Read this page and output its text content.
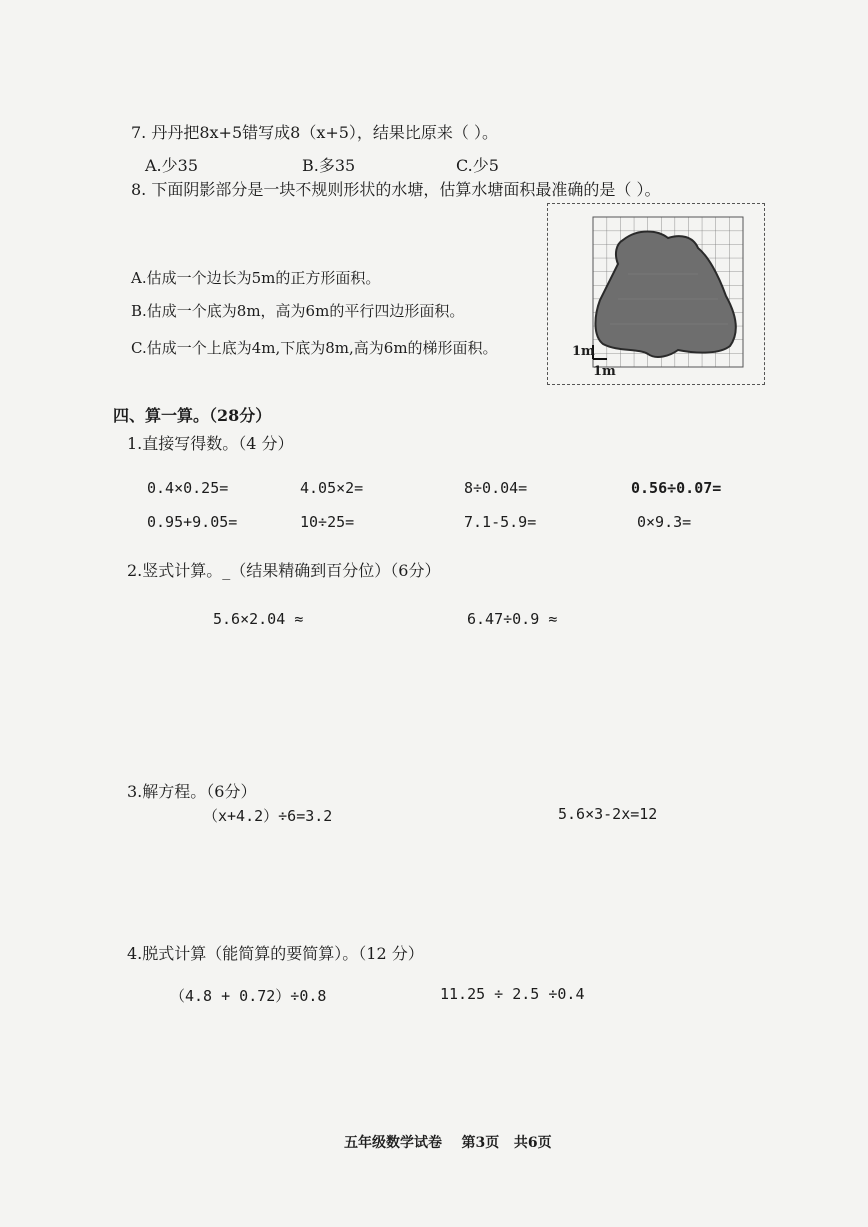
7. 丹丹把8x+5错写成8（x+5），结果比原来（ ）。
A.少35	B.多35	C.少5
8. 下面阴影部分是一块不规则形状的水塘，估算水塘面积最准确的是（ ）。
A.估成一个边长为5m的正方形面积。
B.估成一个底为8m，高为6m的平行四边形面积。
C.估成一个上底为4m,下底为8m,高为6m的梯形面积。	1m
1m
四、算一算。（28分）
1.直接写得数。（4 分）
0.4×0.25=	4.05×2=	8÷0.04=	0.56÷0.07=
0.95+9.05=	10÷25=	7.1-5.9=	0×9.3=
2.竖式计算。_（结果精确到百分位）（6分）
5.6×2.04 ≈	6.47÷0.9 ≈
3.解方程。（6分）
（x+4.2）÷6=3.2	5.6×3-2x=12
4.脱式计算（能简算的要简算）。（12 分）
（4.8 + 0.72）÷0.8	11.25 ÷ 2.5 ÷0.4
五年级数学试卷    第3页   共6页
